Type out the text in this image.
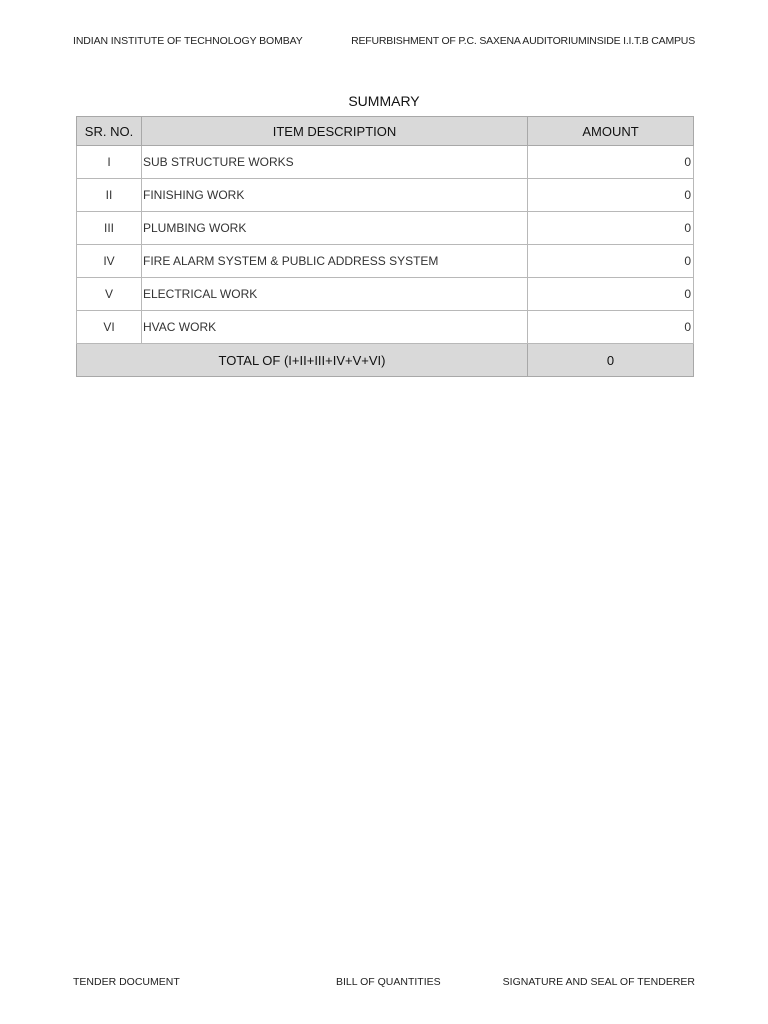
INDIAN INSTITUTE OF TECHNOLOGY BOMBAY	REFURBISHMENT OF P.C. SAXENA AUDITORIUMINSIDE I.I.T.B CAMPUS
SUMMARY
SR. NO.	ITEM DESCRIPTION	AMOUNT
I	SUB STRUCTURE WORKS	0
II	FINISHING WORK	0
III	PLUMBING WORK	0
IV	FIRE ALARM SYSTEM & PUBLIC ADDRESS SYSTEM	0
V	ELECTRICAL WORK	0
VI	HVAC WORK	0
TOTAL OF (I+II+III+IV+V+VI)		0
TENDER DOCUMENT	BILL OF QUANTITIES	SIGNATURE AND SEAL OF TENDERER
